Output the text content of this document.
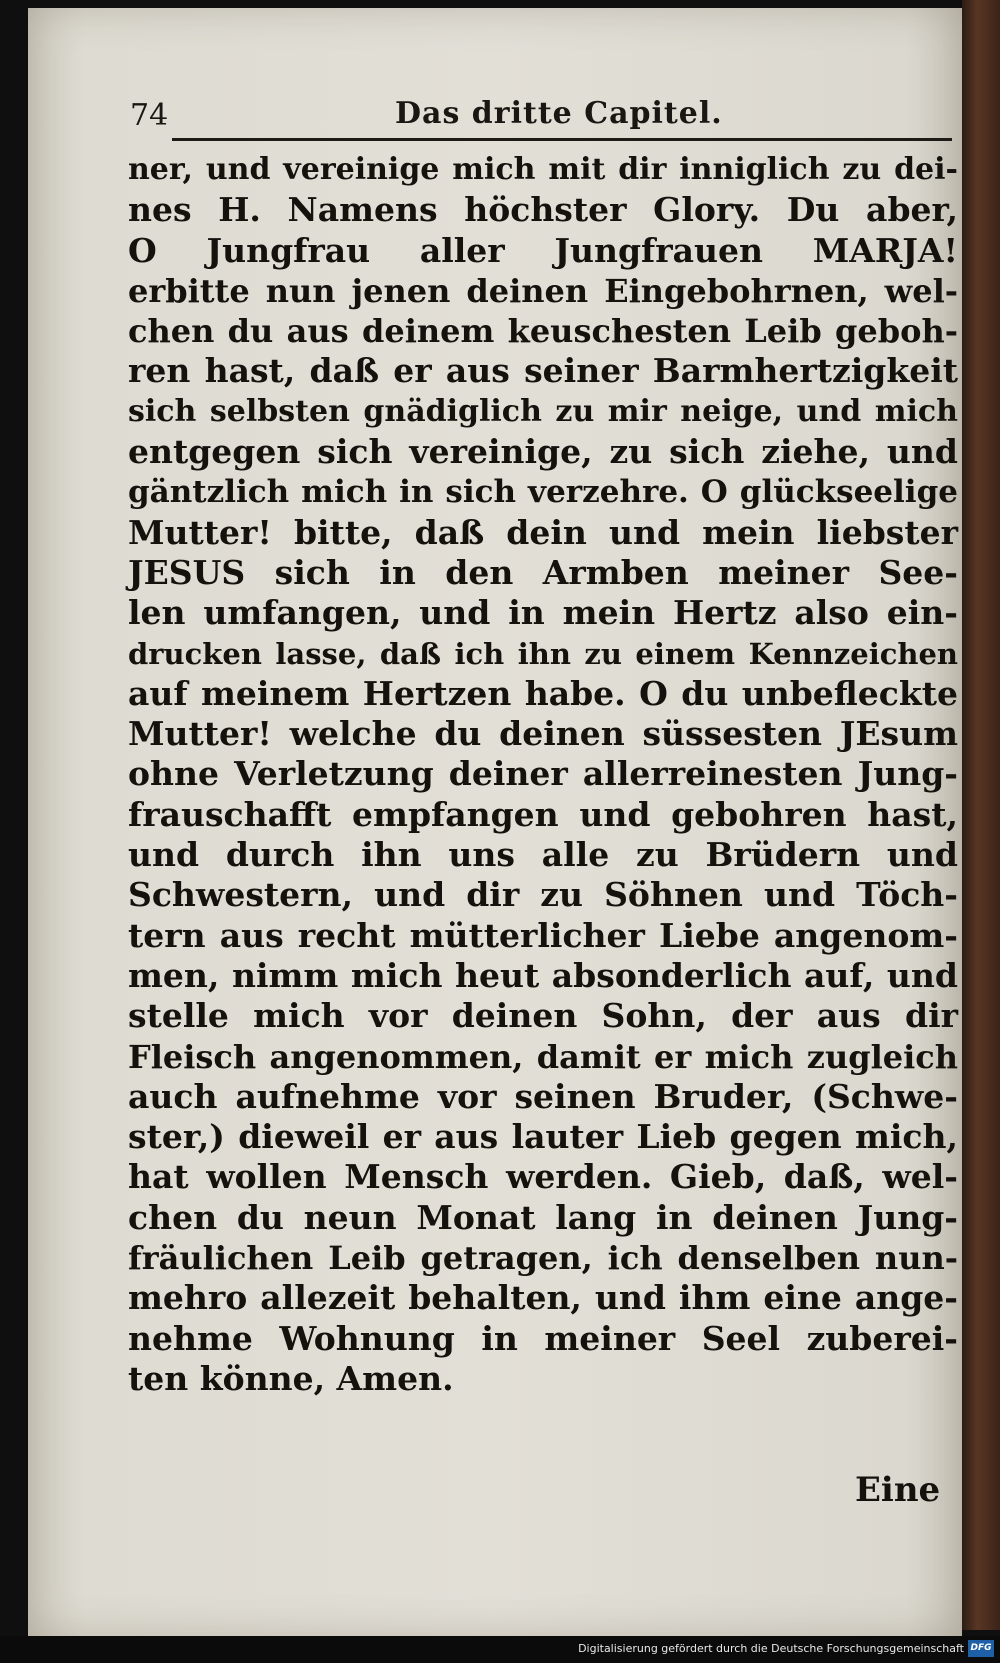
74	Das dritte Capitel.
ner, und vereinige mich mit dir inniglich zu dei-
nes H. Namens höchster Glory. Du aber,
O Jungfrau aller Jungfrauen MARJA!
erbitte nun jenen deinen Eingebohrnen, wel-
chen du aus deinem keuschesten Leib geboh-
ren hast, daß er aus seiner Barmhertzigkeit
sich selbsten gnädiglich zu mir neige, und mich
entgegen sich vereinige, zu sich ziehe, und
gäntzlich mich in sich verzehre. O glückseelige
Mutter! bitte, daß dein und mein liebster
JESUS sich in den Armben meiner See-
len umfangen, und in mein Hertz also ein-
drucken lasse, daß ich ihn zu einem Kennzeichen
auf meinem Hertzen habe. O du unbefleckte
Mutter! welche du deinen süssesten JEsum
ohne Verletzung deiner allerreinesten Jung-
frauschafft empfangen und gebohren hast,
und durch ihn uns alle zu Brüdern und
Schwestern, und dir zu Söhnen und Töch-
tern aus recht mütterlicher Liebe angenom-
men, nimm mich heut absonderlich auf, und
stelle mich vor deinen Sohn, der aus dir
Fleisch angenommen, damit er mich zugleich
auch aufnehme vor seinen Bruder, (Schwe-
ster,) dieweil er aus lauter Lieb gegen mich,
hat wollen Mensch werden. Gieb, daß, wel-
chen du neun Monat lang in deinen Jung-
fräulichen Leib getragen, ich denselben nun-
mehro allezeit behalten, und ihm eine ange-
nehme Wohnung in meiner Seel zuberei-
ten könne, Amen.
Eine
Digitalisierung gefördert durch die Deutsche Forschungsgemeinschaft DFG
